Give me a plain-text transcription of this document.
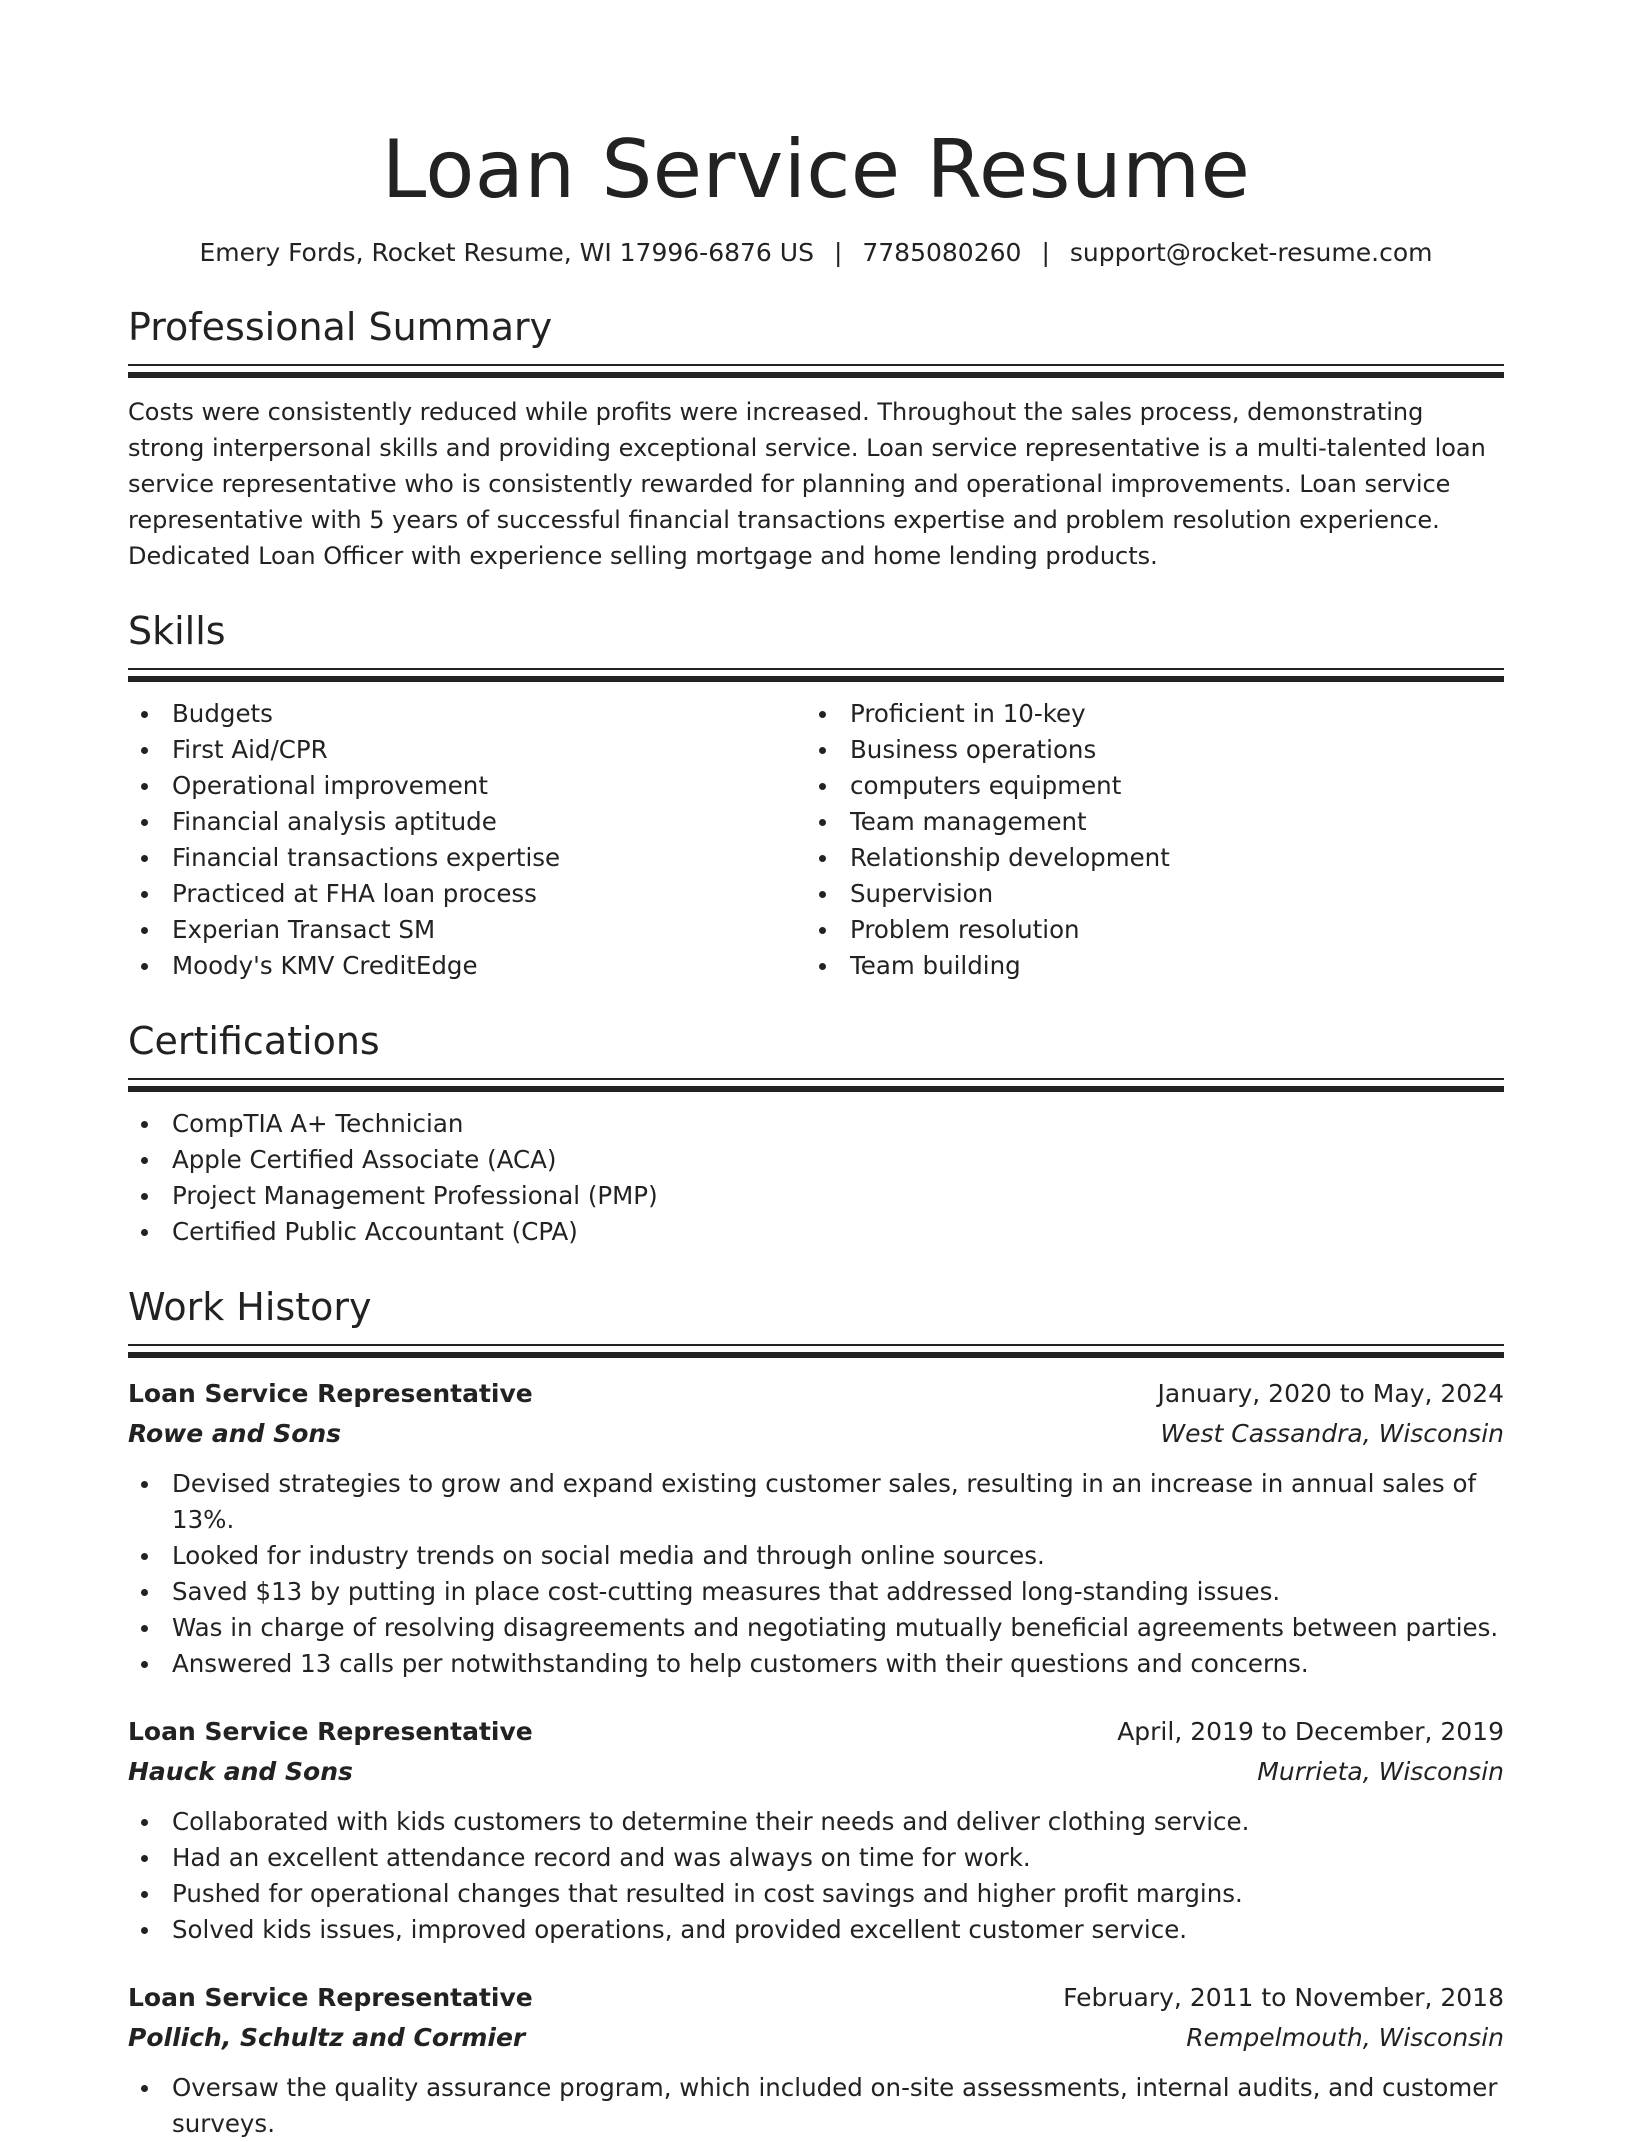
Loan Service Resume
Emery Fords, Rocket Resume, WI 17996-6876 US | 7785080260 | support@rocket-resume.com
Professional Summary

Costs were consistently reduced while profits were increased. Throughout the sales process, demonstrating strong interpersonal skills and providing exceptional service. Loan service representative is a multi-talented loan service representative who is consistently rewarded for planning and operational improvements. Loan service representative with 5 years of successful financial transactions expertise and problem resolution experience. Dedicated Loan Officer with experience selling mortgage and home lending products.

Skills
Budgets
First Aid/CPR
Operational improvement
Financial analysis aptitude
Financial transactions expertise
Practiced at FHA loan process
Experian Transact SM
Moody's KMV CreditEdge
Proficient in 10-key
Business operations
computers equipment
Team management
Relationship development
Supervision
Problem resolution
Team building
Certifications
CompTIA A+ Technician
Apple Certified Associate (ACA)
Project Management Professional (PMP)
Certified Public Accountant (CPA)
Work History
Loan Service Representative	January, 2020 to May, 2024
Rowe and Sons	West Cassandra, Wisconsin
Devised strategies to grow and expand existing customer sales, resulting in an increase in annual sales of 13%.
Looked for industry trends on social media and through online sources.
Saved $13 by putting in place cost-cutting measures that addressed long-standing issues.
Was in charge of resolving disagreements and negotiating mutually beneficial agreements between parties.
Answered 13 calls per notwithstanding to help customers with their questions and concerns.
Loan Service Representative	April, 2019 to December, 2019
Hauck and Sons	Murrieta, Wisconsin
Collaborated with kids customers to determine their needs and deliver clothing service.
Had an excellent attendance record and was always on time for work.
Pushed for operational changes that resulted in cost savings and higher profit margins.
Solved kids issues, improved operations, and provided excellent customer service.
Loan Service Representative	February, 2011 to November, 2018
Pollich, Schultz and Cormier	Rempelmouth, Wisconsin
Oversaw the quality assurance program, which included on-site assessments, internal audits, and customer surveys.
